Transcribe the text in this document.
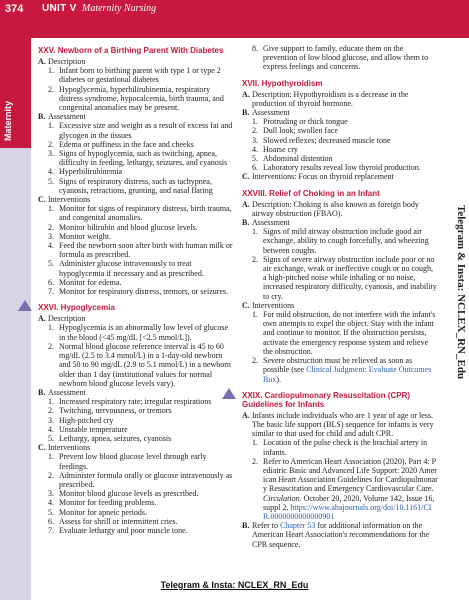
374 UNIT V Maternity Nursing
Maternity
XXV. Newborn of a Birthing Parent With Diabetes
A. Description
1. Infant born to birthing parent with type 1 or type 2 diabetes or gestational diabetes
2. Hypoglycemia, hyperbilirubinemia, respiratory distress syndrome, hypocalcemia, birth trauma, and congenital anomalies may be present.
B. Assessment
1. Excessive size and weight as a result of excess fat and glycogen in the tissues
2. Edema or puffiness in the face and cheeks
3. Signs of hypoglycemia, such as twitching, apnea, difficulty in feeding, lethargy, seizures, and cyanosis
4. Hyperbilirubinemia
5. Signs of respiratory distress, such as tachypnea, cyanosis, retractions, grunting, and nasal flaring
C. Interventions
1. Monitor for signs of respiratory distress, birth trauma, and congenital anomalies.
2. Monitor bilirubin and blood glucose levels.
3. Monitor weight.
4. Feed the newborn soon after birth with human milk or formula as prescribed.
5. Administer glucose intravenously to treat hypoglycemia if necessary and as prescribed.
6. Monitor for edema.
7. Monitor for respiratory distress, tremors, or seizures.
XXVI. Hypoglycemia
A. Description
1. Hypoglycemia is an abnormally low level of glucose in the blood (<45 mg/dL [<2.5 mmol/L]).
2. Normal blood glucose reference interval is 45 to 60 mg/dL (2.5 to 3.4 mmol/L) in a 1-day-old newborn and 50 to 90 mg/dL (2.9 to 5.1 mmol/L) in a newborn older than 1 day (institutional values for normal newborn blood glucose levels vary).
B. Assessment
1. Increased respiratory rate; irregular respirations
2. Twitching, nervousness, or tremors
3. High-pitched cry
4. Unstable temperature
5. Lethargy, apnea, seizures, cyanosis
C. Interventions
1. Prevent low blood glucose level through early feedings.
2. Administer formula orally or glucose intravenously as prescribed.
3. Monitor blood glucose levels as prescribed.
4. Monitor for feeding problems.
5. Monitor for apneic periods.
6. Assess for shrill or intermittent cries.
7. Evaluate lethargy and poor muscle tone.
8. Give support to family, educate them on the prevention of low blood glucose, and allow them to express feelings and concerns.
XVII. Hypothyroidism
A. Description: Hypothyroidism is a decrease in the production of thyroid hormone.
B. Assessment
1. Protruding or thick tongue
2. Dull look; swollen face
3. Slowed reflexes; decreased muscle tone
4. Hoarse cry
5. Abdominal distention
6. Laboratory results reveal low thyroid production.
C. Interventions: Focus on thyroid replacement
XXVIII. Relief of Choking in an Infant
A. Description: Choking is also known as foreign body airway obstruction (FBAO).
B. Assessment
1. Signs of mild airway obstruction include good air exchange, ability to cough forcefully, and wheezing between coughs.
2. Signs of severe airway obstruction include poor or no air exchange, weak or ineffective cough or no cough, a high-pitched noise while inhaling or no noise, increased respiratory difficulty, cyanosis, and inability to cry.
C. Interventions
1. For mild obstruction, do not interfere with the infant's own attempts to expel the object. Stay with the infant and continue to monitor. If the obstruction persists, activate the emergency response system and relieve the obstruction.
2. Severe obstruction must be relieved as soon as possible (see Clinical Judgment: Evaluate Outcomes Box).
XXIX. Cardiopulmonary Resuscitation (CPR) Guidelines for Infants
A. Infants include individuals who are 1 year of age or less. The basic life support (BLS) sequence for infants is very similar to that used for child and adult CPR.
1. Location of the pulse check is the brachial artery in infants.
2. Refer to American Heart Association (2020). Part 4: Pediatric Basic and Advanced Life Support: 2020 American Heart Association Guidelines for Cardiopulmonary Resuscitation and Emergency Cardiovascular Care. Circulation. October 20, 2020, Volume 142, Issue 16, suppl 2. https://www.ahajournals.org/doi/10.1161/CIR.0000000000000901
B. Refer to Chapter 53 for additional information on the American Heart Association's recommendations for the CPR sequence.
Telegram & Insta: NCLEX_RN_Edu
Telegram & Insta: NCLEX_RN_Edu
